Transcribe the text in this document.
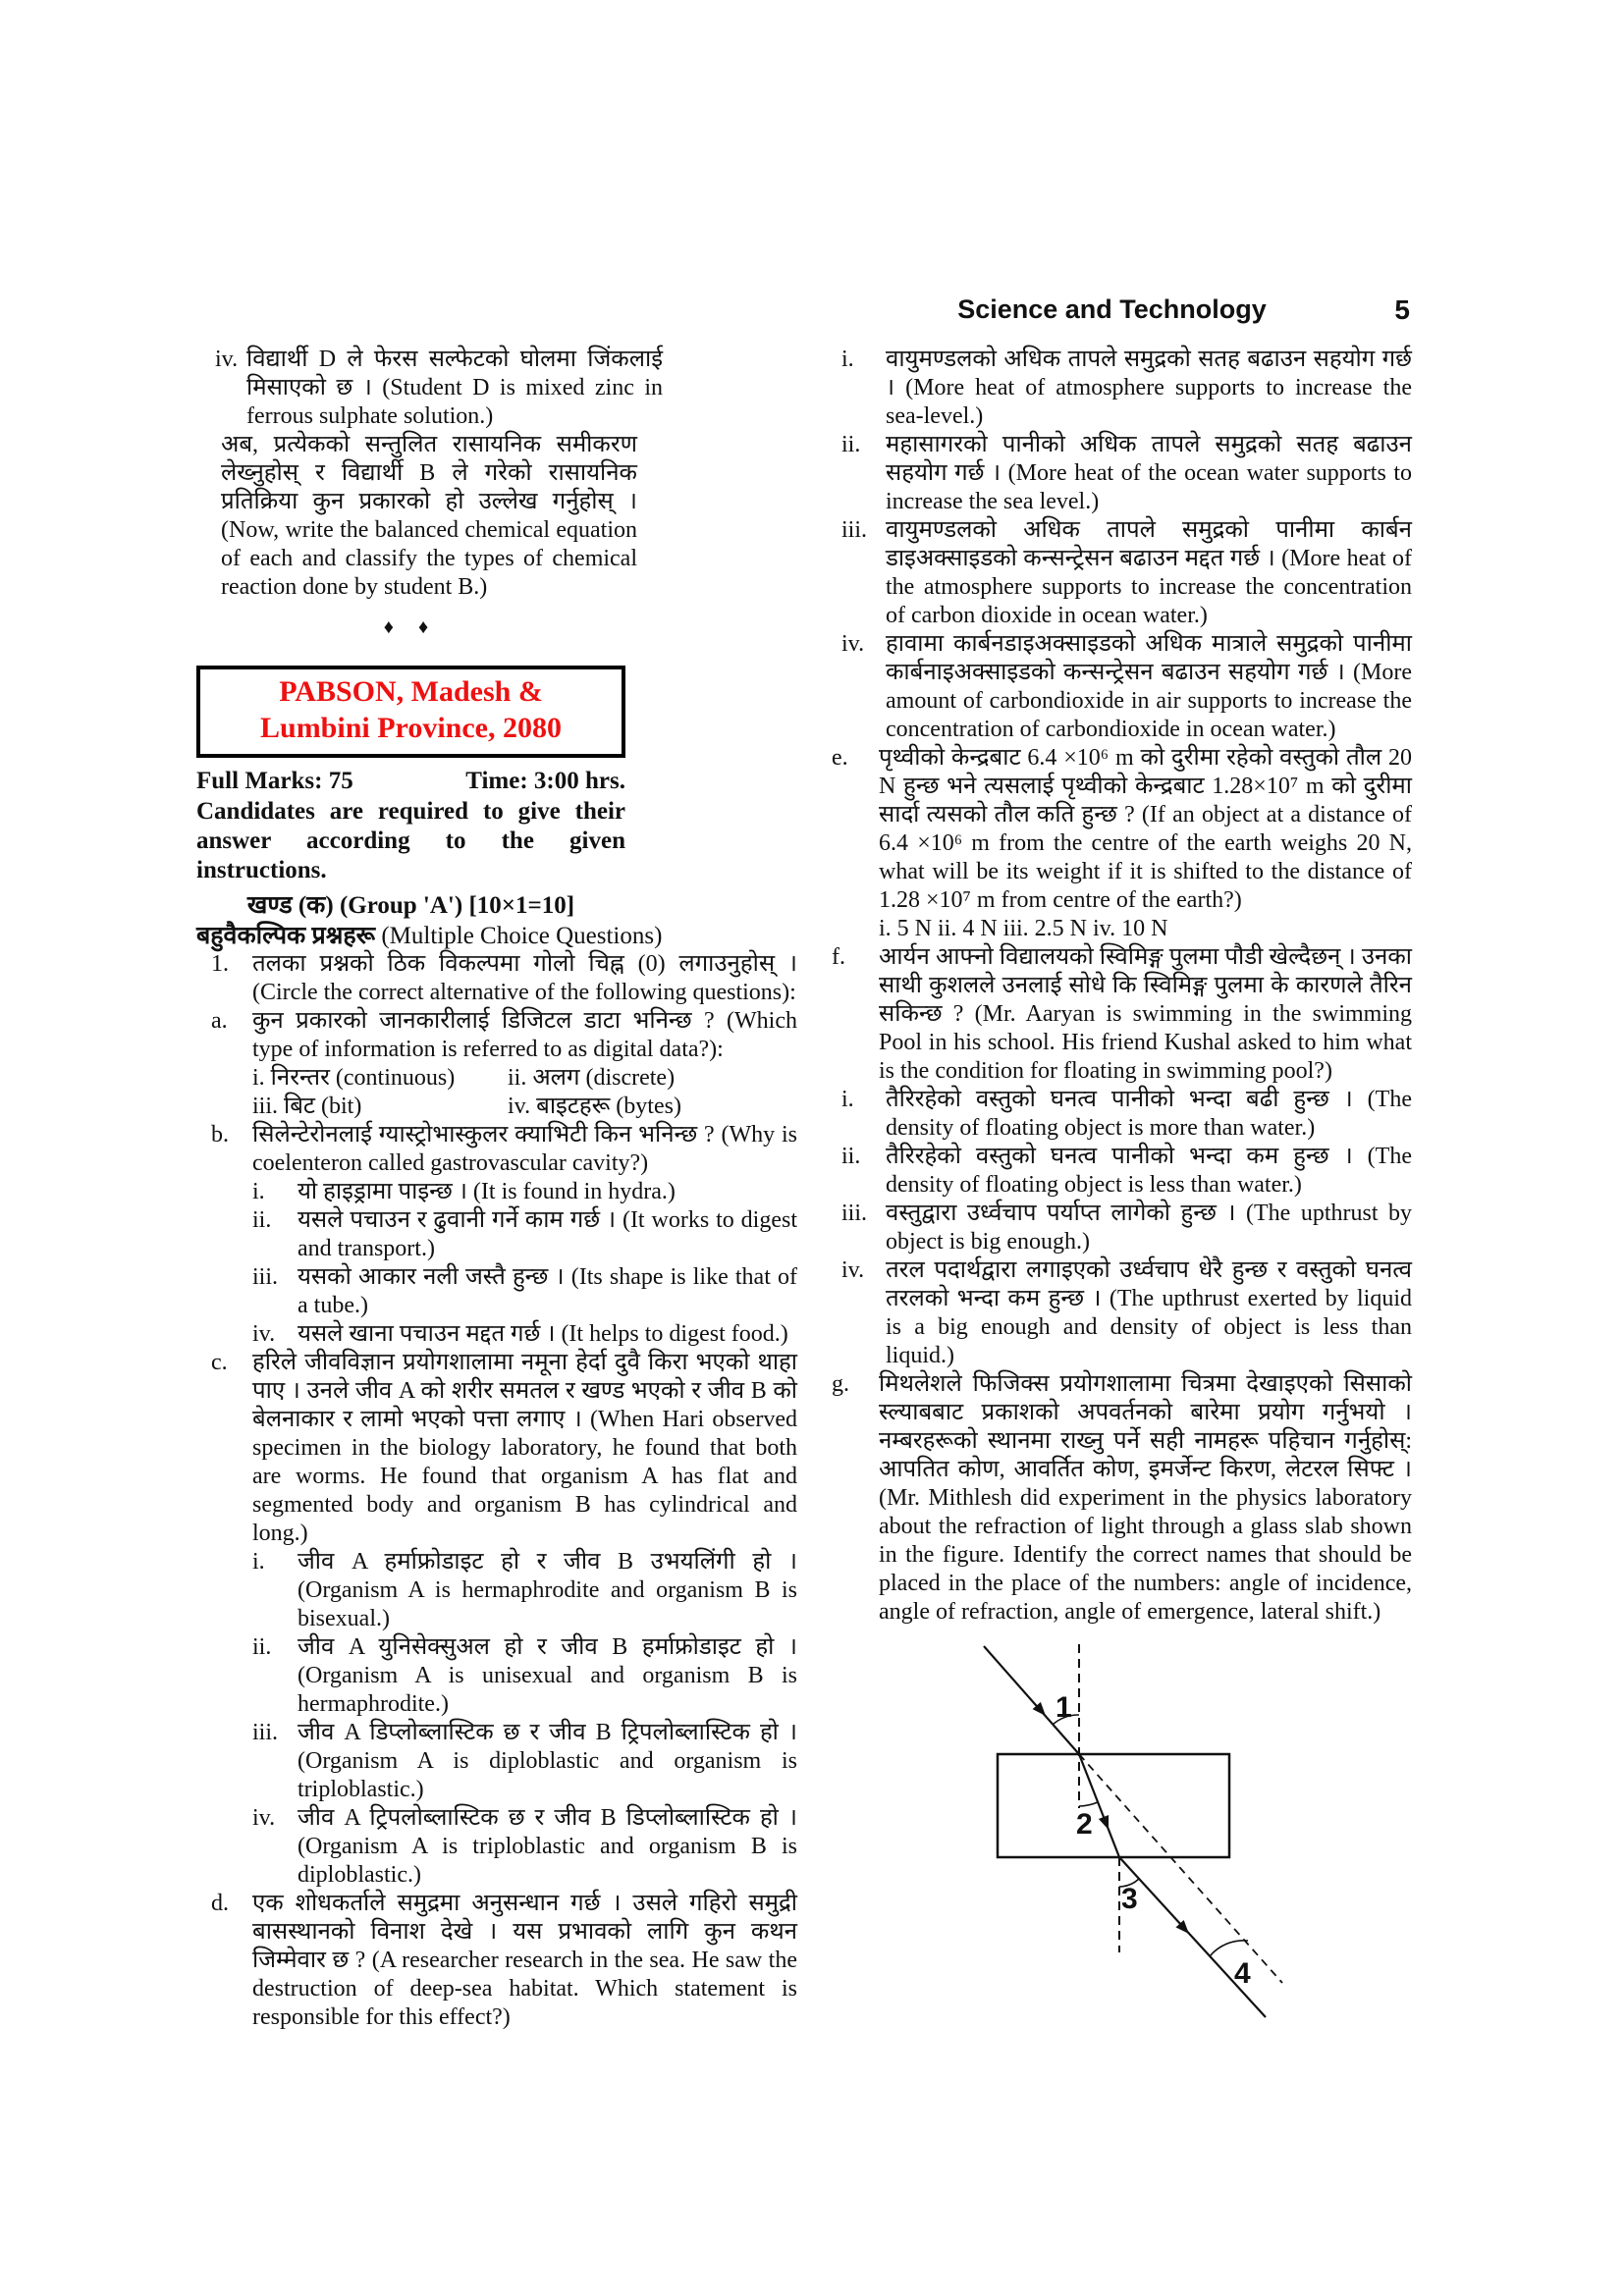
Science and Technology	5
iv. विद्यार्थी D ले फेरस सल्फेटको घोलमा जिंकलाई मिसाएको छ । (Student D is mixed zinc in ferrous sulphate solution.)
अब, प्रत्येकको सन्तुलित रासायनिक समीकरण लेख्नुहोस् र विद्यार्थी B ले गरेको रासायनिक प्रतिक्रिया कुन प्रकारको हो उल्लेख गर्नुहोस् । (Now, write the balanced chemical equation of each and classify the types of chemical reaction done by student B.)
♦ ♦
PABSON, Madesh &
Lumbini Province, 2080
Full Marks: 75	Time: 3:00 hrs.
Candidates are required to give their answer according to the given instructions.
खण्ड (क) (Group 'A') [10×1=10]
बहुवैकल्पिक प्रश्नहरू (Multiple Choice Questions)
1. तलका प्रश्नको ठिक विकल्पमा गोलो चिह्न (0) लगाउनुहोस् । (Circle the correct alternative of the following questions):
a. कुन प्रकारको जानकारीलाई डिजिटल डाटा भनिन्छ ? (Which type of information is referred to as digital data?):
i. निरन्तर (continuous)	ii. अलग (discrete)
iii. बिट (bit)	iv. बाइटहरू (bytes)
b. सिलेन्टेरोनलाई ग्यास्ट्रोभास्कुलर क्याभिटी किन भनिन्छ ? (Why is coelenteron called gastrovascular cavity?)
i. यो हाइड्रामा पाइन्छ । (It is found in hydra.)
ii. यसले पचाउन र ढुवानी गर्ने काम गर्छ । (It works to digest and transport.)
iii. यसको आकार नली जस्तै हुन्छ । (Its shape is like that of a tube.)
iv. यसले खाना पचाउन मद्दत गर्छ । (It helps to digest food.)
c. हरिले जीवविज्ञान प्रयोगशालामा नमूना हेर्दा दुवै किरा भएको थाहा पाए । उनले जीव A को शरीर समतल र खण्ड भएको र जीव B को बेलनाकार र लामो भएको पत्ता लगाए । (When Hari observed specimen in the biology laboratory, he found that both are worms. He found that organism A has flat and segmented body and organism B has cylindrical and long.)
i. जीव A हर्माफ्रोडाइट हो र जीव B उभयलिंगी हो । (Organism A is hermaphrodite and organism B is bisexual.)
ii. जीव A युनिसेक्सुअल हो र जीव B हर्माफ्रोडाइट हो । (Organism A is unisexual and organism B is hermaphrodite.)
iii. जीव A डिप्लोब्लास्टिक छ र जीव B ट्रिपलोब्लास्टिक हो । (Organism A is diploblastic and organism is triploblastic.)
iv. जीव A ट्रिपलोब्लास्टिक छ र जीव B डिप्लोब्लास्टिक हो । (Organism A is triploblastic and organism B is diploblastic.)
d. एक शोधकर्ताले समुद्रमा अनुसन्धान गर्छ । उसले गहिरो समुद्री बासस्थानको विनाश देखे । यस प्रभावको लागि कुन कथन जिम्मेवार छ ? (A researcher research in the sea. He saw the destruction of deep-sea habitat. Which statement is responsible for this effect?)
i. वायुमण्डलको अधिक तापले समुद्रको सतह बढाउन सहयोग गर्छ । (More heat of atmosphere supports to increase the sea-level.)
ii. महासागरको पानीको अधिक तापले समुद्रको सतह बढाउन सहयोग गर्छ । (More heat of the ocean water supports to increase the sea level.)
iii. वायुमण्डलको अधिक तापले समुद्रको पानीमा कार्बन डाइअक्साइडको कन्सन्ट्रेसन बढाउन मद्दत गर्छ । (More heat of the atmosphere supports to increase the concentration of carbon dioxide in ocean water.)
iv. हावामा कार्बनडाइअक्साइडको अधिक मात्राले समुद्रको पानीमा कार्बनाइअक्साइडको कन्सन्ट्रेसन बढाउन सहयोग गर्छ । (More amount of carbondioxide in air supports to increase the concentration of carbondioxide in ocean water.)
e. पृथ्वीको केन्द्रबाट 6.4 ×10⁶ m को दुरीमा रहेको वस्तुको तौल 20 N हुन्छ भने त्यसलाई पृथ्वीको केन्द्रबाट 1.28×10⁷ m को दुरीमा सार्दा त्यसको तौल कति हुन्छ ? (If an object at a distance of 6.4 ×10⁶ m from the centre of the earth weighs 20 N, what will be its weight if it is shifted to the distance of 1.28 ×10⁷ m from centre of the earth?)
i. 5 N ii. 4 N iii. 2.5 N iv. 10 N
f. आर्यन आफ्नो विद्यालयको स्विमिङ्ग पुलमा पौडी खेल्दैछन् । उनका साथी कुशलले उनलाई सोधे कि स्विमिङ्ग पुलमा के कारणले तैरिन सकिन्छ ? (Mr. Aaryan is swimming in the swimming Pool in his school. His friend Kushal asked to him what is the condition for floating in swimming pool?)
i. तैरिरहेको वस्तुको घनत्व पानीको भन्दा बढी हुन्छ । (The density of floating object is more than water.)
ii. तैरिरहेको वस्तुको घनत्व पानीको भन्दा कम हुन्छ । (The density of floating object is less than water.)
iii. वस्तुद्वारा उर्ध्वचाप पर्याप्त लागेको हुन्छ । (The upthrust by object is big enough.)
iv. तरल पदार्थद्वारा लगाइएको उर्ध्वचाप धेरै हुन्छ र वस्तुको घनत्व तरलको भन्दा कम हुन्छ । (The upthrust exerted by liquid is a big enough and density of object is less than liquid.)
g. मिथलेशले फिजिक्स प्रयोगशालामा चित्रमा देखाइएको सिसाको स्ल्याबबाट प्रकाशको अपवर्तनको बारेमा प्रयोग गर्नुभयो । नम्बरहरूको स्थानमा राख्नु पर्ने सही नामहरू पहिचान गर्नुहोस्: आपतित कोण, आवर्तित कोण, इमर्जेन्ट किरण, लेटरल सिफ्ट । (Mr. Mithlesh did experiment in the physics laboratory about the refraction of light through a glass slab shown in the figure. Identify the correct names that should be placed in the place of the numbers: angle of incidence, angle of refraction, angle of emergence, lateral shift.)
1
2
3
4
